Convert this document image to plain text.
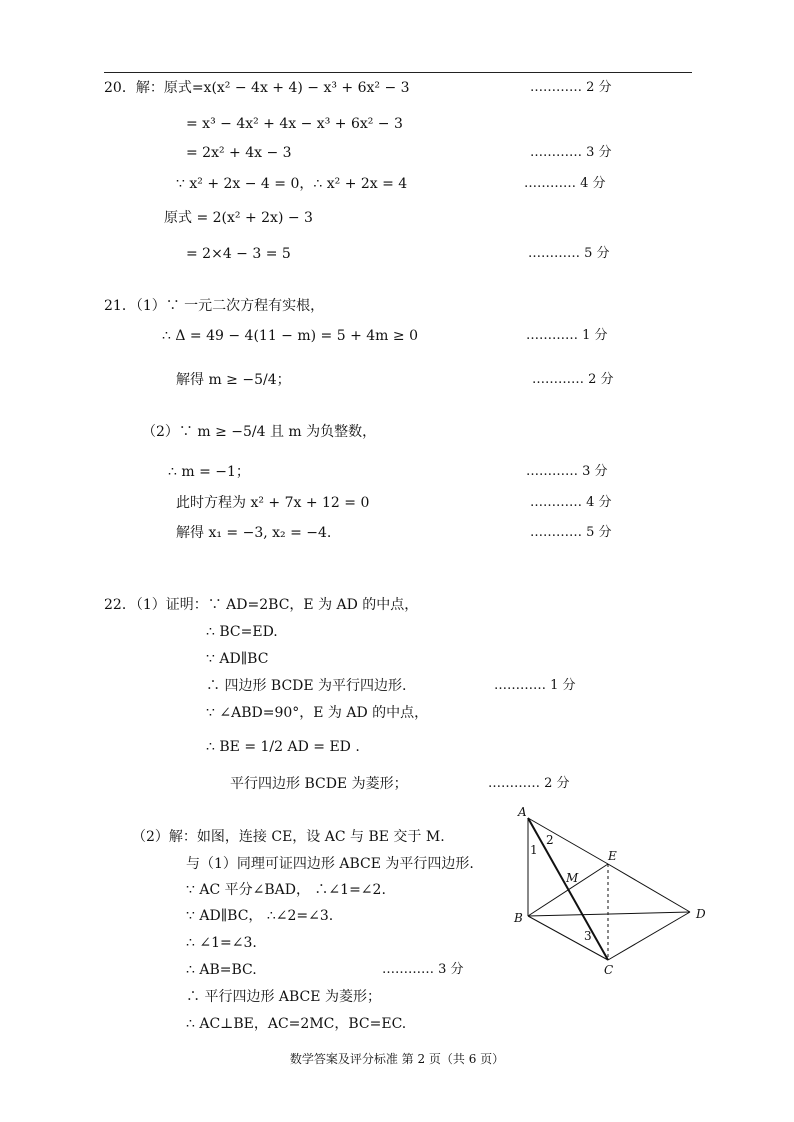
20．解：原式=x(x² − 4x + 4) − x³ + 6x² − 3
= x³ − 4x² + 4x − x³ + 6x² − 3
= 2x² + 4x − 3
∵ x² + 2x − 4 = 0，∴ x² + 2x = 4
原式 = 2(x² + 2x) − 3
= 2×4 − 3 = 5
21．（1）∵ 一元二次方程有实根，
∴ Δ = 49 − 4(11 − m) = 5 + 4m ≥ 0
解得 m ≥ −5/4；
（2）∵ m ≥ −5/4 且 m 为负整数，
∴ m = −1；
此时方程为 x² + 7x + 12 = 0
解得 x₁ = −3, x₂ = −4.
22．（1）证明：∵ AD=2BC，E 为 AD 的中点，
∴ BC=ED.
∵ AD∥BC
∴ 四边形 BCDE 为平行四边形.
∵ ∠ABD=90°，E 为 AD 的中点，
∴ BE = 1/2 AD = ED .
平行四边形 BCDE 为菱形；
（2）解：如图，连接 CE，设 AC 与 BE 交于 M.
与（1）同理可证四边形 ABCE 为平行四边形.
∵ AC 平分∠BAD， ∴∠1=∠2.
∵ AD∥BC， ∴∠2=∠3.
∴ ∠1=∠3.
∴ AB=BC.
∴ 平行四边形 ABCE 为菱形；
∴ AC⊥BE，AC=2MC，BC=EC.
………… 2 分
………… 3 分
………… 4 分
………… 5 分
………… 1 分
………… 2 分
………… 3 分
………… 4 分
………… 5 分
………… 1 分
………… 2 分
………… 3 分
A
B
C
D
E
M
1
2
3
数学答案及评分标准 第 2 页（共 6 页）
